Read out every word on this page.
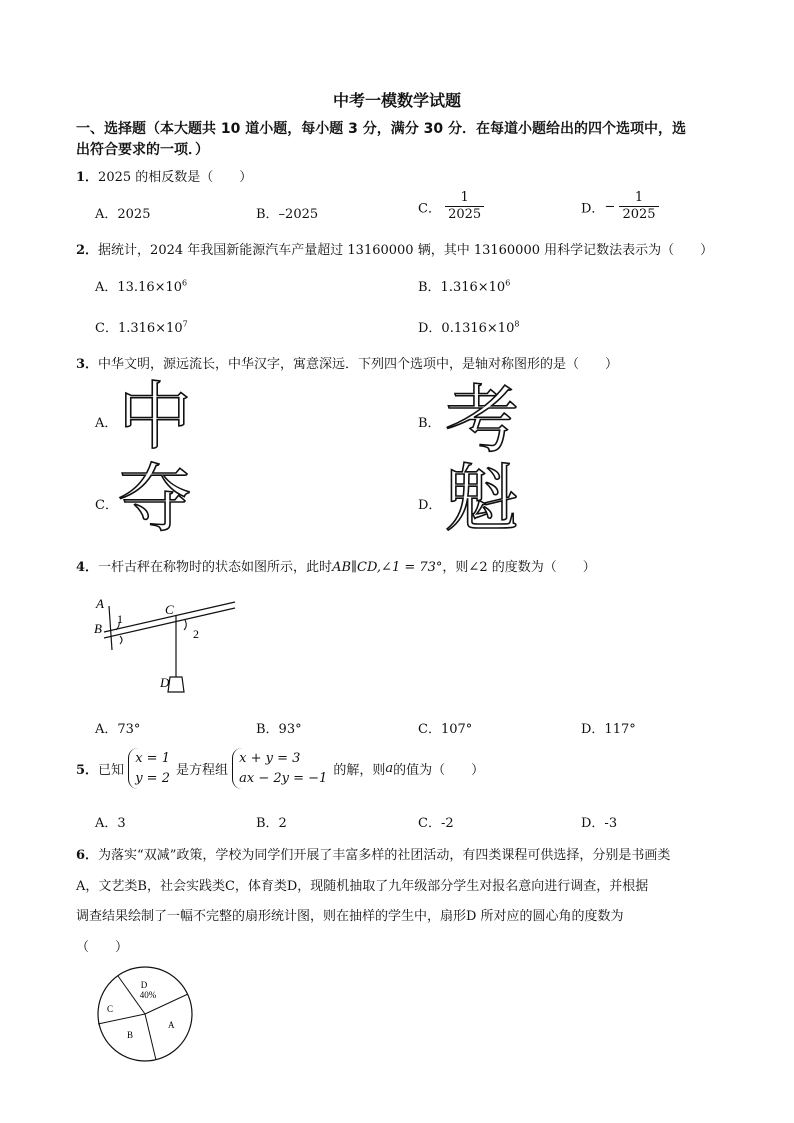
中考一模数学试题
一、选择题（本大题共 10 道小题，每小题 3 分，满分 30 分．在每道小题给出的四个选项中，选
出符合要求的一项．）
1．2025 的相反数是（　　）
A．2025	B．–2025	C． $\frac{1}{2025}$	D．− $\frac{1}{2025}$
2．据统计，2024 年我国新能源汽车产量超过 13160000 辆，其中 13160000 用科学记数法表示为（　　）
A．$13.16\times 10^6$	B．$1.316\times 10^6$
C．$1.316\times 10^7$	D．$0.1316\times 10^8$
3．中华文明，源远流长，中华汉字，寓意深远．下列四个选项中，是轴对称图形的是（　　）
A． 中	B． 考
C． 夺	D． 魁
4．一杆古秤在称物时的状态如图所示，此时AB∥CD,∠1 = 73°，则∠2 的度数为（　　）
A
B
C
D
1
2
A．73°	B．93°	C．107°	D．117°
5．已知
x = 1
y = 2 是方程组
x + y = 3
ax − 2y = −1 的解，则a的值为（　　）
A．3	B．2	C．-2	D．-3
6．为落实“双减”政策，学校为同学们开展了丰富多样的社团活动，有四类课程可供选择，分别是书画类
A，文艺类B，社会实践类C，体育类D，现随机抽取了九年级部分学生对报名意向进行调查，并根据
调查结果绘制了一幅不完整的扇形统计图，则在抽样的学生中，扇形D 所对应的圆心角的度数为
（　　）
D
40%
A
B
C
